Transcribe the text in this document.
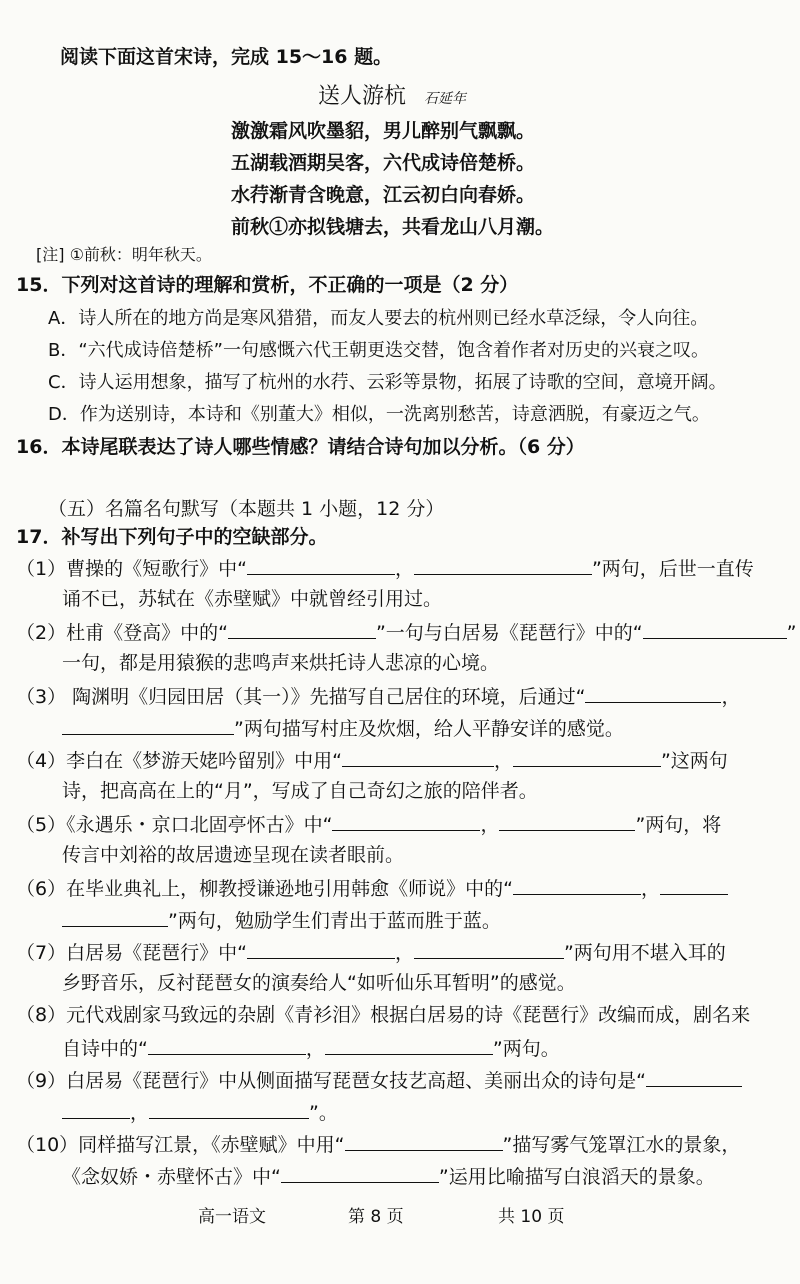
阅读下面这首宋诗，完成 15～16 题。
送人游杭 石延年
激激霜风吹墨貂，男儿醉别气飘飘。
五湖载酒期吴客，六代成诗倍楚桥。
水荇渐青含晚意，江云初白向春娇。
前秋①亦拟钱塘去，共看龙山八月潮。
[注] ①前秋：明年秋天。
15．下列对这首诗的理解和赏析，不正确的一项是（2 分）
A．诗人所在的地方尚是寒风猎猎，而友人要去的杭州则已经水草泛绿，令人向往。
B．“六代成诗倍楚桥”一句感慨六代王朝更迭交替，饱含着作者对历史的兴衰之叹。
C．诗人运用想象，描写了杭州的水荇、云彩等景物，拓展了诗歌的空间，意境开阔。
D．作为送别诗，本诗和《别董大》相似，一洗离别愁苦，诗意洒脱，有豪迈之气。
16．本诗尾联表达了诗人哪些情感？请结合诗句加以分析。（6 分）
（五）名篇名句默写（本题共 1 小题，12 分）
17．补写出下列句子中的空缺部分。
（1）曹操的《短歌行》中“	，	”两句，后世一直传
诵不已，苏轼在《赤壁赋》中就曾经引用过。
（2）杜甫《登高》中的“	”一句与白居易《琵琶行》中的“	”
一句，都是用猿猴的悲鸣声来烘托诗人悲凉的心境。
（3） 陶渊明《归园田居（其一）》先描写自己居住的环境，后通过“	，
”两句描写村庄及炊烟，给人平静安详的感觉。
（4）李白在《梦游天姥吟留别》中用“	，	”这两句
诗，把高高在上的“月”，写成了自己奇幻之旅的陪伴者。
（5）《永遇乐・京口北固亭怀古》中“	，	”两句，将
传言中刘裕的故居遗迹呈现在读者眼前。
（6）在毕业典礼上，柳教授谦逊地引用韩愈《师说》中的“	，
”两句，勉励学生们青出于蓝而胜于蓝。
（7）白居易《琵琶行》中“	，	”两句用不堪入耳的
乡野音乐，反衬琵琶女的演奏给人“如听仙乐耳暂明”的感觉。
（8）元代戏剧家马致远的杂剧《青衫泪》根据白居易的诗《琵琶行》改编而成，剧名来
自诗中的“	，	”两句。
（9）白居易《琵琶行》中从侧面描写琵琶女技艺高超、美丽出众的诗句是“
，	”。
（10）同样描写江景，《赤壁赋》中用“	”描写雾气笼罩江水的景象，
《念奴娇・赤壁怀古》中“	”运用比喻描写白浪滔天的景象。
高一语文	第 8 页	共 10 页
